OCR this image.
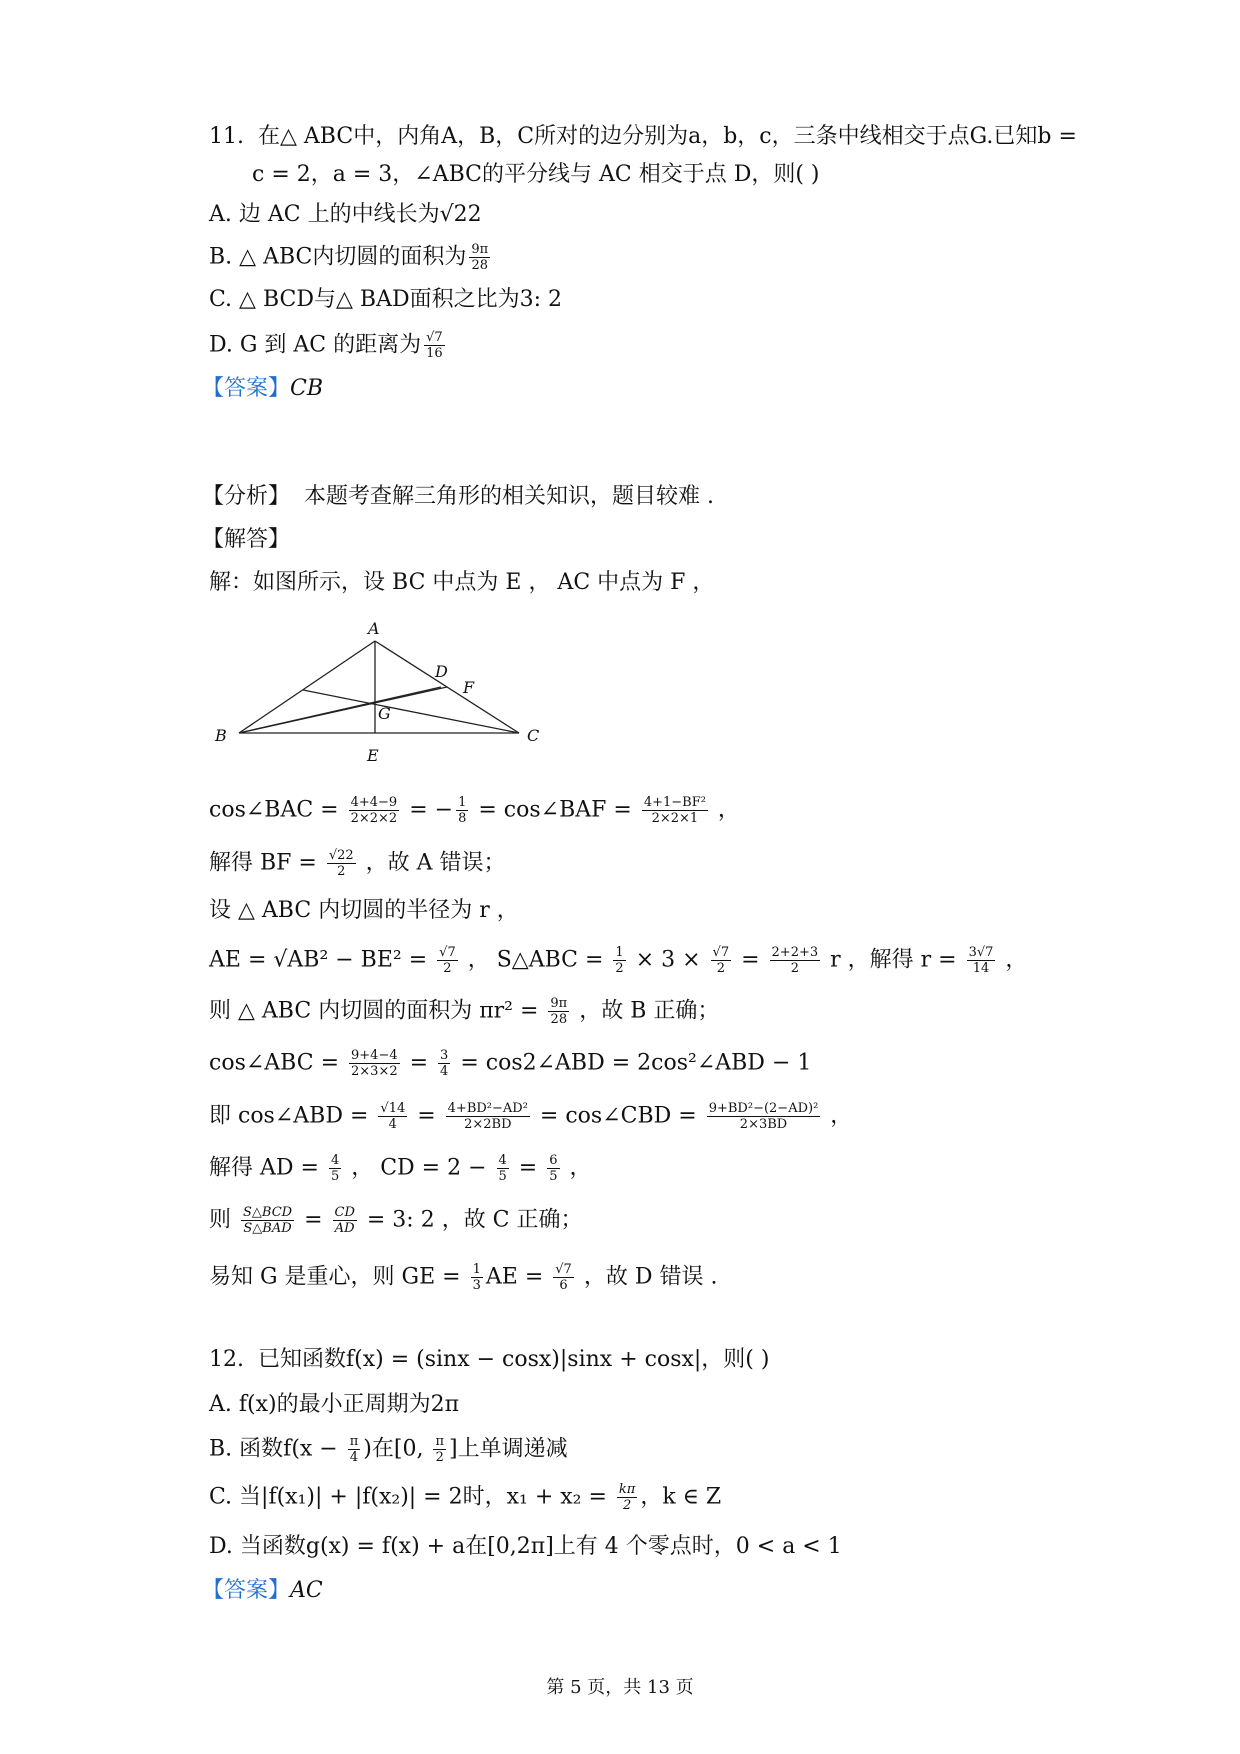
11. 在△ ABC中，内角A，B，C所对的边分别为a，b，c，三条中线相交于点G.已知b =
c = 2，a = 3，∠ABC的平分线与 AC 相交于点 D，则( )
A. 边 AC 上的中线长为√22
B. △ ABC内切圆的面积为 $\frac{9\pi}{28}$
C. △ BCD与△ BAD面积之比为3: 2
D. G 到 AC 的距离为 $\frac{√7}{16}$
【答案】CB
【分析】 本题考查解三角形的相关知识，题目较难 .
【解答】
解：如图所示，设 BC 中点为 E ， AC 中点为 F ，
A
B	C
D
F
G
E
cos∠BAC = $\frac{4+4-9}{2\times 2\times 2}$ = − $\frac{1}{8}$ = cos∠BAF = $\frac{\text{4+1−BF²}}{2\times 2\times 1}$ ，
解得 BF = $\frac{√22}{2}$ ，故 A 错误；
设 △ ABC 内切圆的半径为 r ，
AE = $√AB^2 - BE^2 = \frac{√7}{2}$ ， S△ABC = $\frac{1}{2} \times 3 \times \frac{√7}{2} = \frac{2+2+3}{2}$ r ，解得 $r = \frac{3√7}{14}$ ，
则 △ ABC 内切圆的面积为 $\pi r^2 = \frac{9\pi}{28}$ ，故 B 正确；
cos∠ABC = $\frac{9+4-4}{2\times 3\times 2} = \frac{3}{4}$ = cos2∠ABD = 2cos²∠ABD − 1
即 cos∠ABD = $\frac{√14}{4} = \frac{\text{4+BD²−AD²}}{2\times 2BD}$ = cos∠CBD = $\frac{\text{9+BD²−(2−AD)²}}{2\times 3BD}$ ，
解得 AD = $\frac{4}{5}$ ， CD = $2 - \frac{4}{5} = \frac{6}{5}$ ，
则 $\frac{\text{S△BCD}}{\text{S△BAD}} = \frac{CD}{AD} = 3$: 2 ，故 C 正确；
易知 G 是重心，则 GE = $\frac{1}{3}$ AE = $\frac{√7}{6}$ ，故 D 错误 .
12. 已知函数f(x) = (sinx − cosx)|sinx + cosx|，则( )
A. f(x)的最小正周期为2π
B. 函数$f(x - \frac{\pi}{4}$ )在[0, $\frac{\pi}{2}$ ]上单调递减
C. 当|f(x₁)| + |f(x₂)| = 2时，$x_1 + x_2 = \frac{k\pi}{2}$ ，k ∈ Z
D. 当函数g(x) = f(x) + a在[0,2π]上有 4 个零点时，0 < a < 1
【答案】AC
第 5 页，共 13 页
